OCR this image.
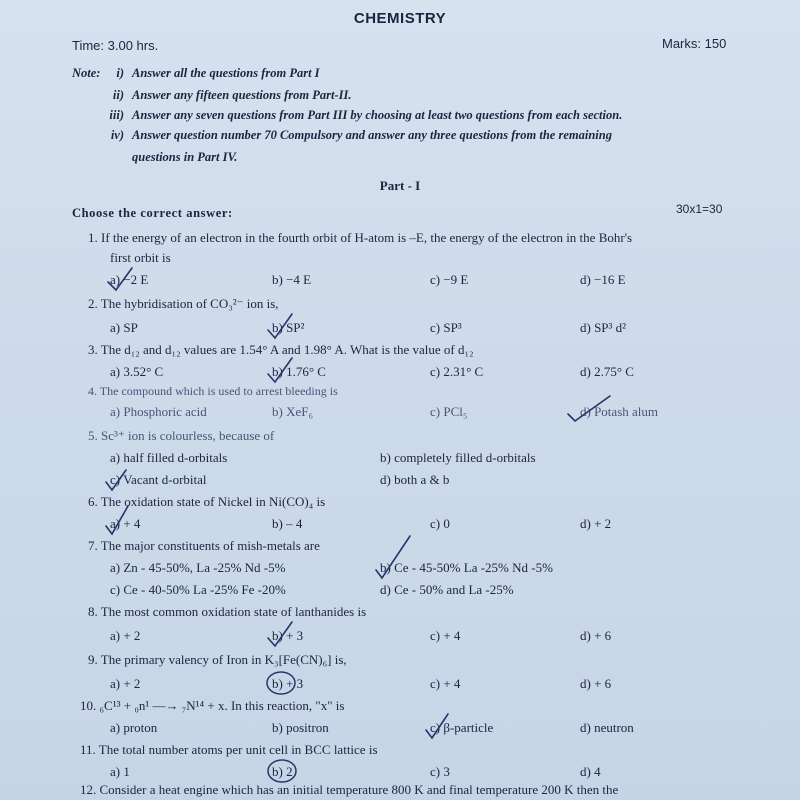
CHEMISTRY
Time: 3.00 hrs.	Marks: 150
Note:	i) Answer all the questions from Part I
ii) Answer any fifteen questions from Part-II.
iii) Answer any seven questions from Part III by choosing at least two questions from each section.
iv) Answer question number 70 Compulsory and answer any three questions from the remaining
questions in Part IV.
Part - I
Choose the correct answer:	30x1=30
1. If the energy of an electron in the fourth orbit of H-atom is –E, the energy of the electron in the Bohr's
first orbit is
a) −2 E	b) −4 E	c) −9 E	d) −16 E
2. The hybridisation of CO₃²⁻ ion is,
a) SP	b) SP²	c) SP³	d) SP³ d²
3. The d₁₂ and d₁₂ values are 1.54° A and 1.98° A. What is the value of d₁₂
a) 3.52° C	b) 1.76° C	c) 2.31° C	d) 2.75° C
4. The compound which is used to arrest bleeding is
a) Phosphoric acid	b) XeF₆	c) PCl₅	d) Potash alum
5. Sc³⁺ ion is colourless, because of
a) half filled d-orbitals	b) completely filled d-orbitals
c) Vacant d-orbital	d) both a & b
6. The oxidation state of Nickel in Ni(CO)₄ is
a) + 4	b) – 4	c) 0	d) + 2
7. The major constituents of mish-metals are
a) Zn - 45-50%, La -25% Nd -5%	b) Ce - 45-50% La -25% Nd -5%
c) Ce - 40-50% La -25% Fe -20%	d) Ce - 50% and La -25%
8. The most common oxidation state of lanthanides is
a) + 2	b) + 3	c) + 4	d) + 6
9. The primary valency of Iron in K₃[Fe(CN)₆] is,
a) + 2	b) + 3	c) + 4	d) + 6
10. ₆C¹³ + ₀n¹ —→ ₇N¹⁴ + x. In this reaction, "x" is
a) proton	b) positron	c) β-particle	d) neutron
11. The total number atoms per unit cell in BCC lattice is
a) 1	b) 2	c) 3	d) 4
12. Consider a heat engine which has an initial temperature 800 K and final temperature 200 K then the
